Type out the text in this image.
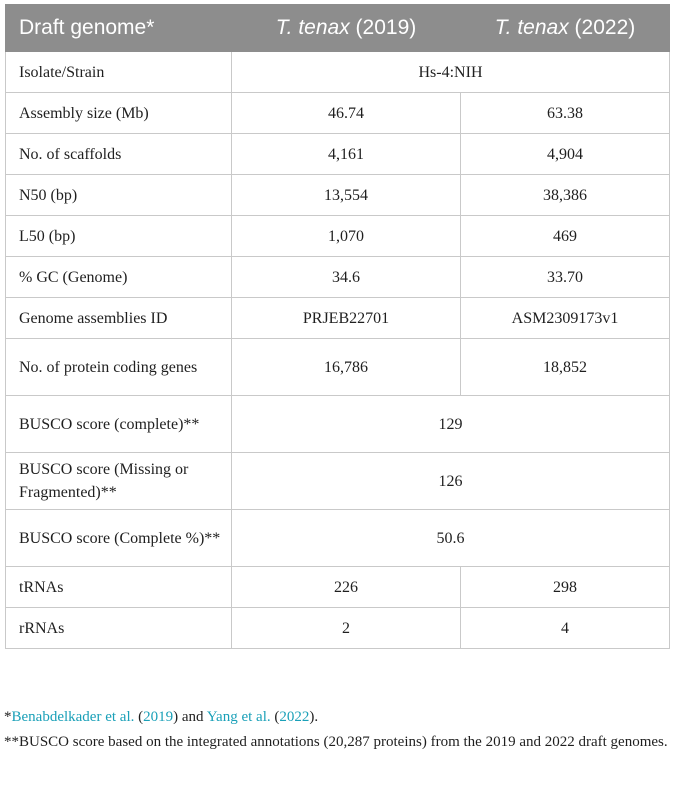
Draft genome*	T. tenax (2019)	T. tenax (2022)
Isolate/Strain	Hs-4:NIH	
Assembly size (Mb)	46.74	63.38
No. of scaffolds	4,161	4,904
N50 (bp)	13,554	38,386
L50 (bp)	1,070	469
% GC (Genome)	34.6	33.70
Genome assemblies ID	PRJEB22701	ASM2309173v1
No. of protein coding genes	16,786	18,852
BUSCO score (complete)**	129	
BUSCO score (Missing or Fragmented)**	126	
BUSCO score (Complete %)**	50.6	
tRNAs	226	298
rRNAs	2	4

*Benabdelkader et al. (2019) and Yang et al. (2022).

**BUSCO score based on the integrated annotations (20,287 proteins) from the 2019 and 2022 draft genomes.
